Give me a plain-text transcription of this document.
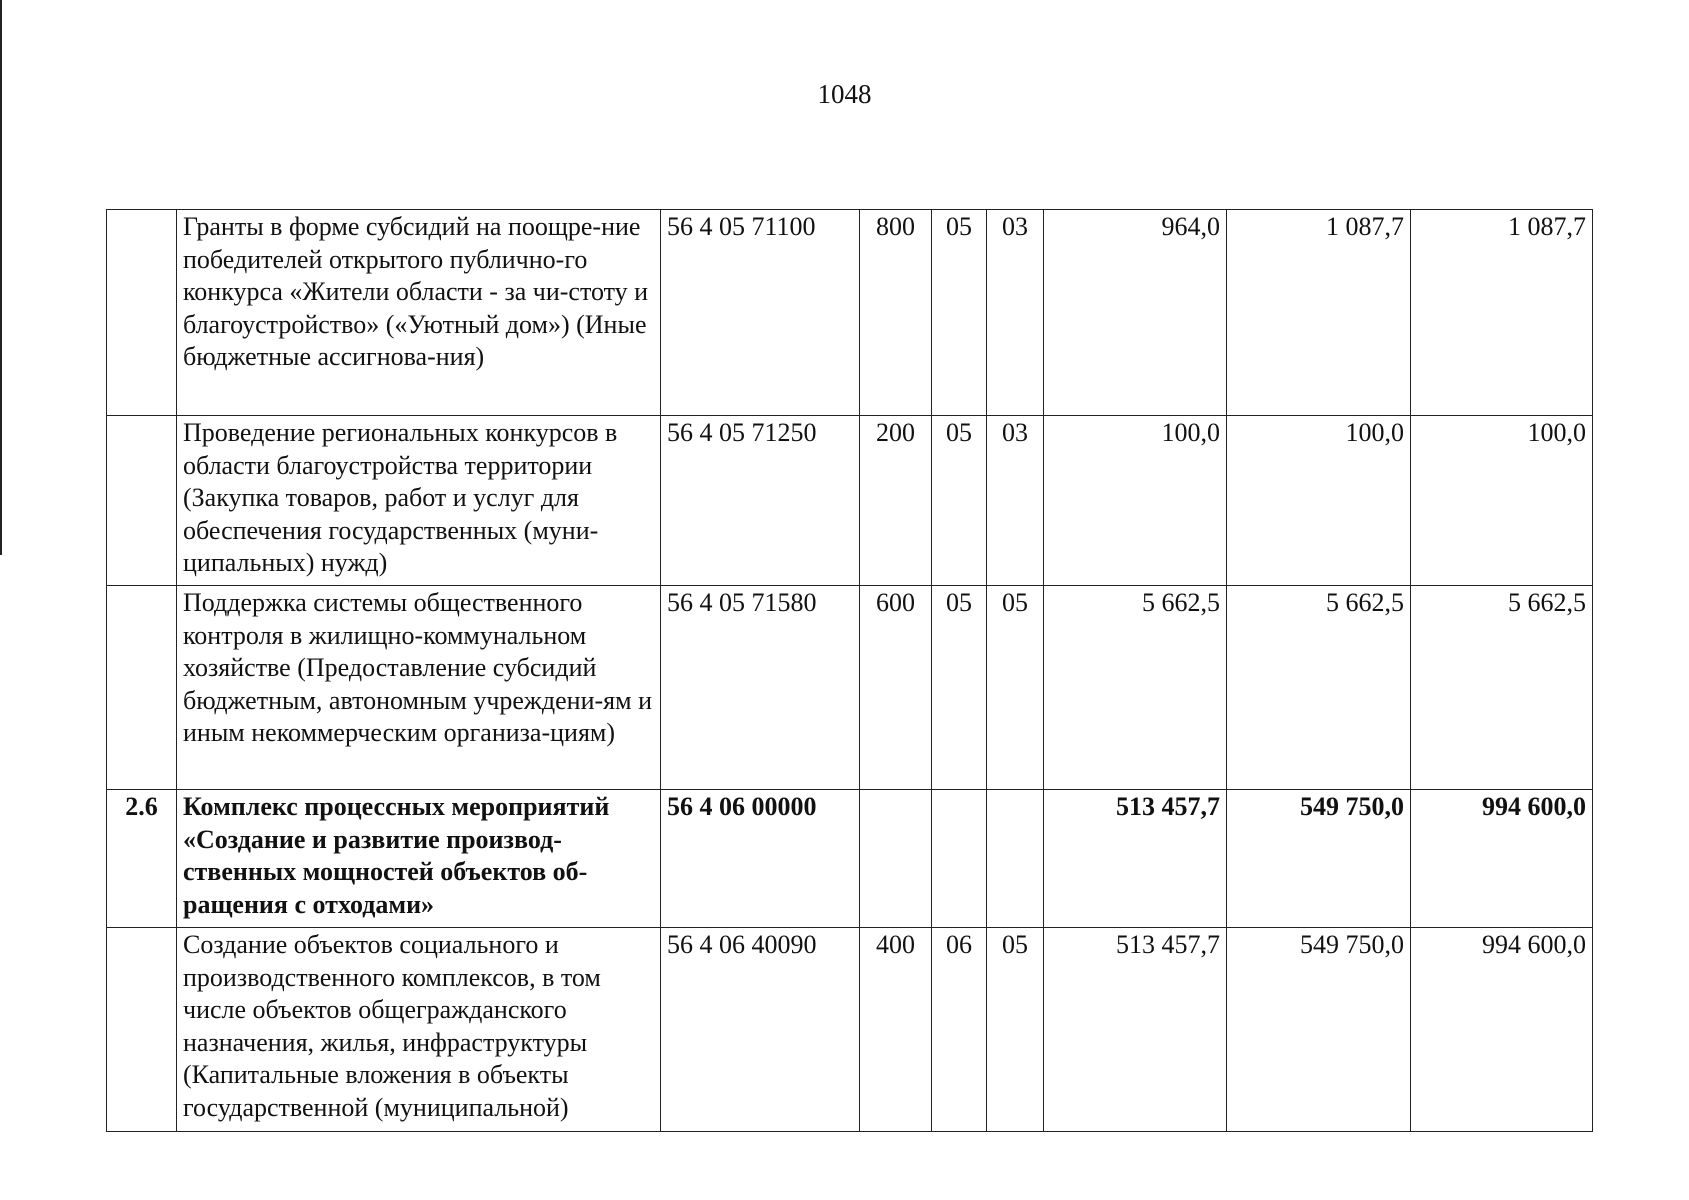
1048
	Гранты в форме субсидий на поощре-ние победителей открытого публично-го конкурса «Жители области - за чи-стоту и благоустройство» («Уютный дом») (Иные бюджетные ассигнова-ния)	56 4 05 71100	800	05	03	964,0	1 087,7	1 087,7
	Проведение региональных конкурсов в области благоустройства территории (Закупка товаров, работ и услуг для обеспечения государственных (муни-ципальных) нужд)	56 4 05 71250	200	05	03	100,0	100,0	100,0
	Поддержка системы общественного контроля в жилищно-коммунальном хозяйстве (Предоставление субсидий бюджетным, автономным учреждени-ям и иным некоммерческим организа-циям)	56 4 05 71580	600	05	05	5 662,5	5 662,5	5 662,5
2.6	Комплекс процессных мероприятий «Создание и развитие производ-ственных мощностей объектов об-ращения с отходами»	56 4 06 00000				513 457,7	549 750,0	994 600,0
	Создание объектов социального и производственного комплексов, в том числе объектов общегражданского назначения, жилья, инфраструктуры (Капитальные вложения в объекты государственной (муниципальной)	56 4 06 40090	400	06	05	513 457,7	549 750,0	994 600,0
